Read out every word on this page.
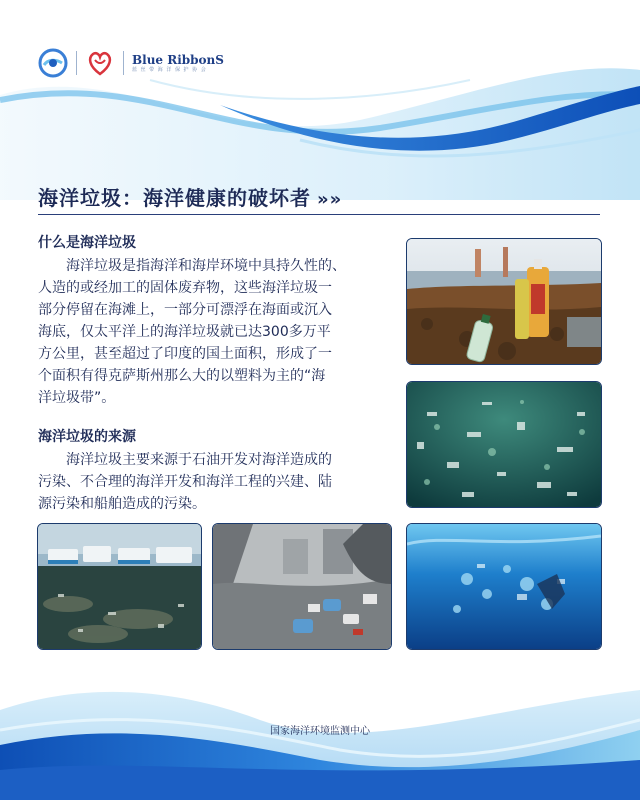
Blue RibbonS
蓝 丝 带 海 洋 保 护 协 会
海洋垃圾：海洋健康的破坏者 »»
什么是海洋垃圾
　　海洋垃圾是指海洋和海岸环境中具持久性的、
人造的或经加工的固体废弃物，这些海洋垃圾一
部分停留在海滩上，一部分可漂浮在海面或沉入
海底，仅太平洋上的海洋垃圾就已达300多万平
方公里，甚至超过了印度的国土面积，形成了一
个面积有得克萨斯州那么大的以塑料为主的“海
洋垃圾带”。
海洋垃圾的来源
　　海洋垃圾主要来源于石油开发对海洋造成的
污染、不合理的海洋开发和海洋工程的兴建、陆
源污染和船舶造成的污染。
国家海洋环境监测中心
